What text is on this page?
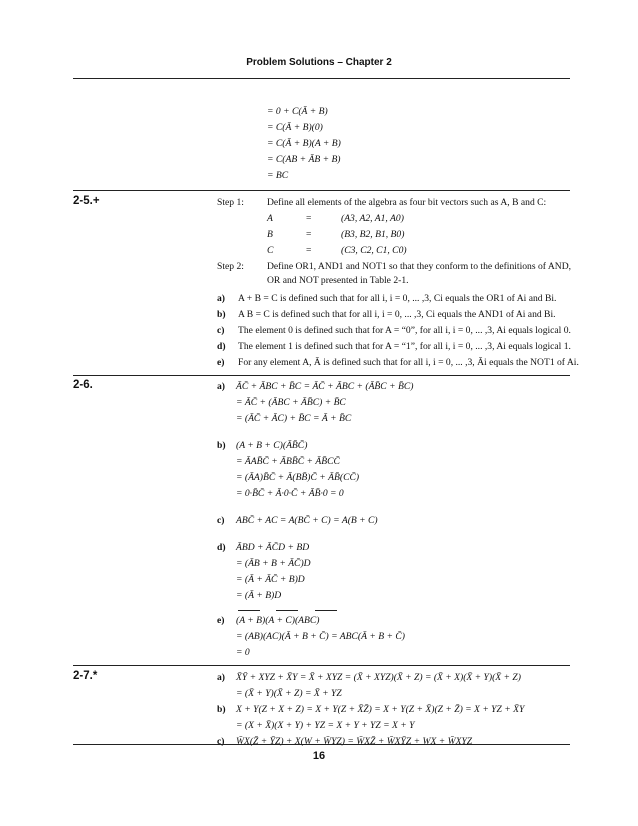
Problem Solutions – Chapter 2
= 0 + C(Ā + B)
= C(Ā + B)(0)
= C(Ā + B)(A + B)
= C(AB + ĀB + B)
= BC
2-5.+	Step 1: Define all elements of the algebra as four bit vectors such as A, B and C:
A	=	(A3, A2, A1, A0)
B	=	(B3, B2, B1, B0)
C	=	(C3, C2, C1, C0)
Step 2: Define OR1, AND1 and NOT1 so that they conform to the definitions of AND,
OR and NOT presented in Table 2-1.
a) A + B = C is defined such that for all i, i = 0, ... ,3, Ci equals the OR1 of Ai and Bi.
b) A B = C is defined such that for all i, i = 0, ... ,3, Ci equals the AND1 of Ai and Bi.
c) The element 0 is defined such that for A = “0”, for all i, i = 0, ... ,3, Ai equals logical 0.
d) The element 1 is defined such that for A = “1”, for all i, i = 0, ... ,3, Ai equals logical 1.
e) For any element A, Ā is defined such that for all i, i = 0, ... ,3, Āi equals the NOT1 of Ai.
2-6.	a) ĀC̄ + ĀBC + B̄C = ĀC̄ + ĀBC + (ĀB̄C + B̄C)
= ĀC̄ + (ĀBC + ĀB̄C) + B̄C
= (ĀC̄ + ĀC) + B̄C = Ā + B̄C
b) (A + B + C)(ĀB̄C̄)
= ĀAB̄C̄ + ĀBB̄C̄ + ĀB̄CC̄
= (ĀA)B̄C̄ + Ā(BB̄)C̄ + ĀB̄(CC̄)
= 0·B̄C̄ + Ā·0·C̄ + ĀB̄·0 = 0
c) ABC̄ + AC = A(BC̄ + C) = A(B + C)
d) ĀBD + ĀC̄D + BD
= (ĀB + B + ĀC̄)D
= (Ā + ĀC̄ + B)D
= (Ā + B)D
e)
(A + B)(A + C)(ABC)
= (AB)(AC)(Ā + B + C̄) = ABC(Ā + B + C̄)
= 0
2-7.*	a) X̄Ȳ + XYZ + X̄Y = X̄ + XYZ = (X̄ + XYZ)(X̄ + Z) = (X̄ + X)(X̄ + Y)(X̄ + Z)
= (X̄ + Y)(X̄ + Z) = X̄ + YZ
b) X + Y(Z + X + Z) = X + Y(Z + X̄Z̄) = X + Y(Z + X̄)(Z + Z̄) = X + YZ + X̄Y
= (X + X̄)(X + Y) + YZ = X + Y + YZ = X + Y
c) W̄X(Z̄ + ȲZ) + X(W + W̄YZ) = W̄XZ̄ + W̄XȲZ + WX + W̄XYZ
16
